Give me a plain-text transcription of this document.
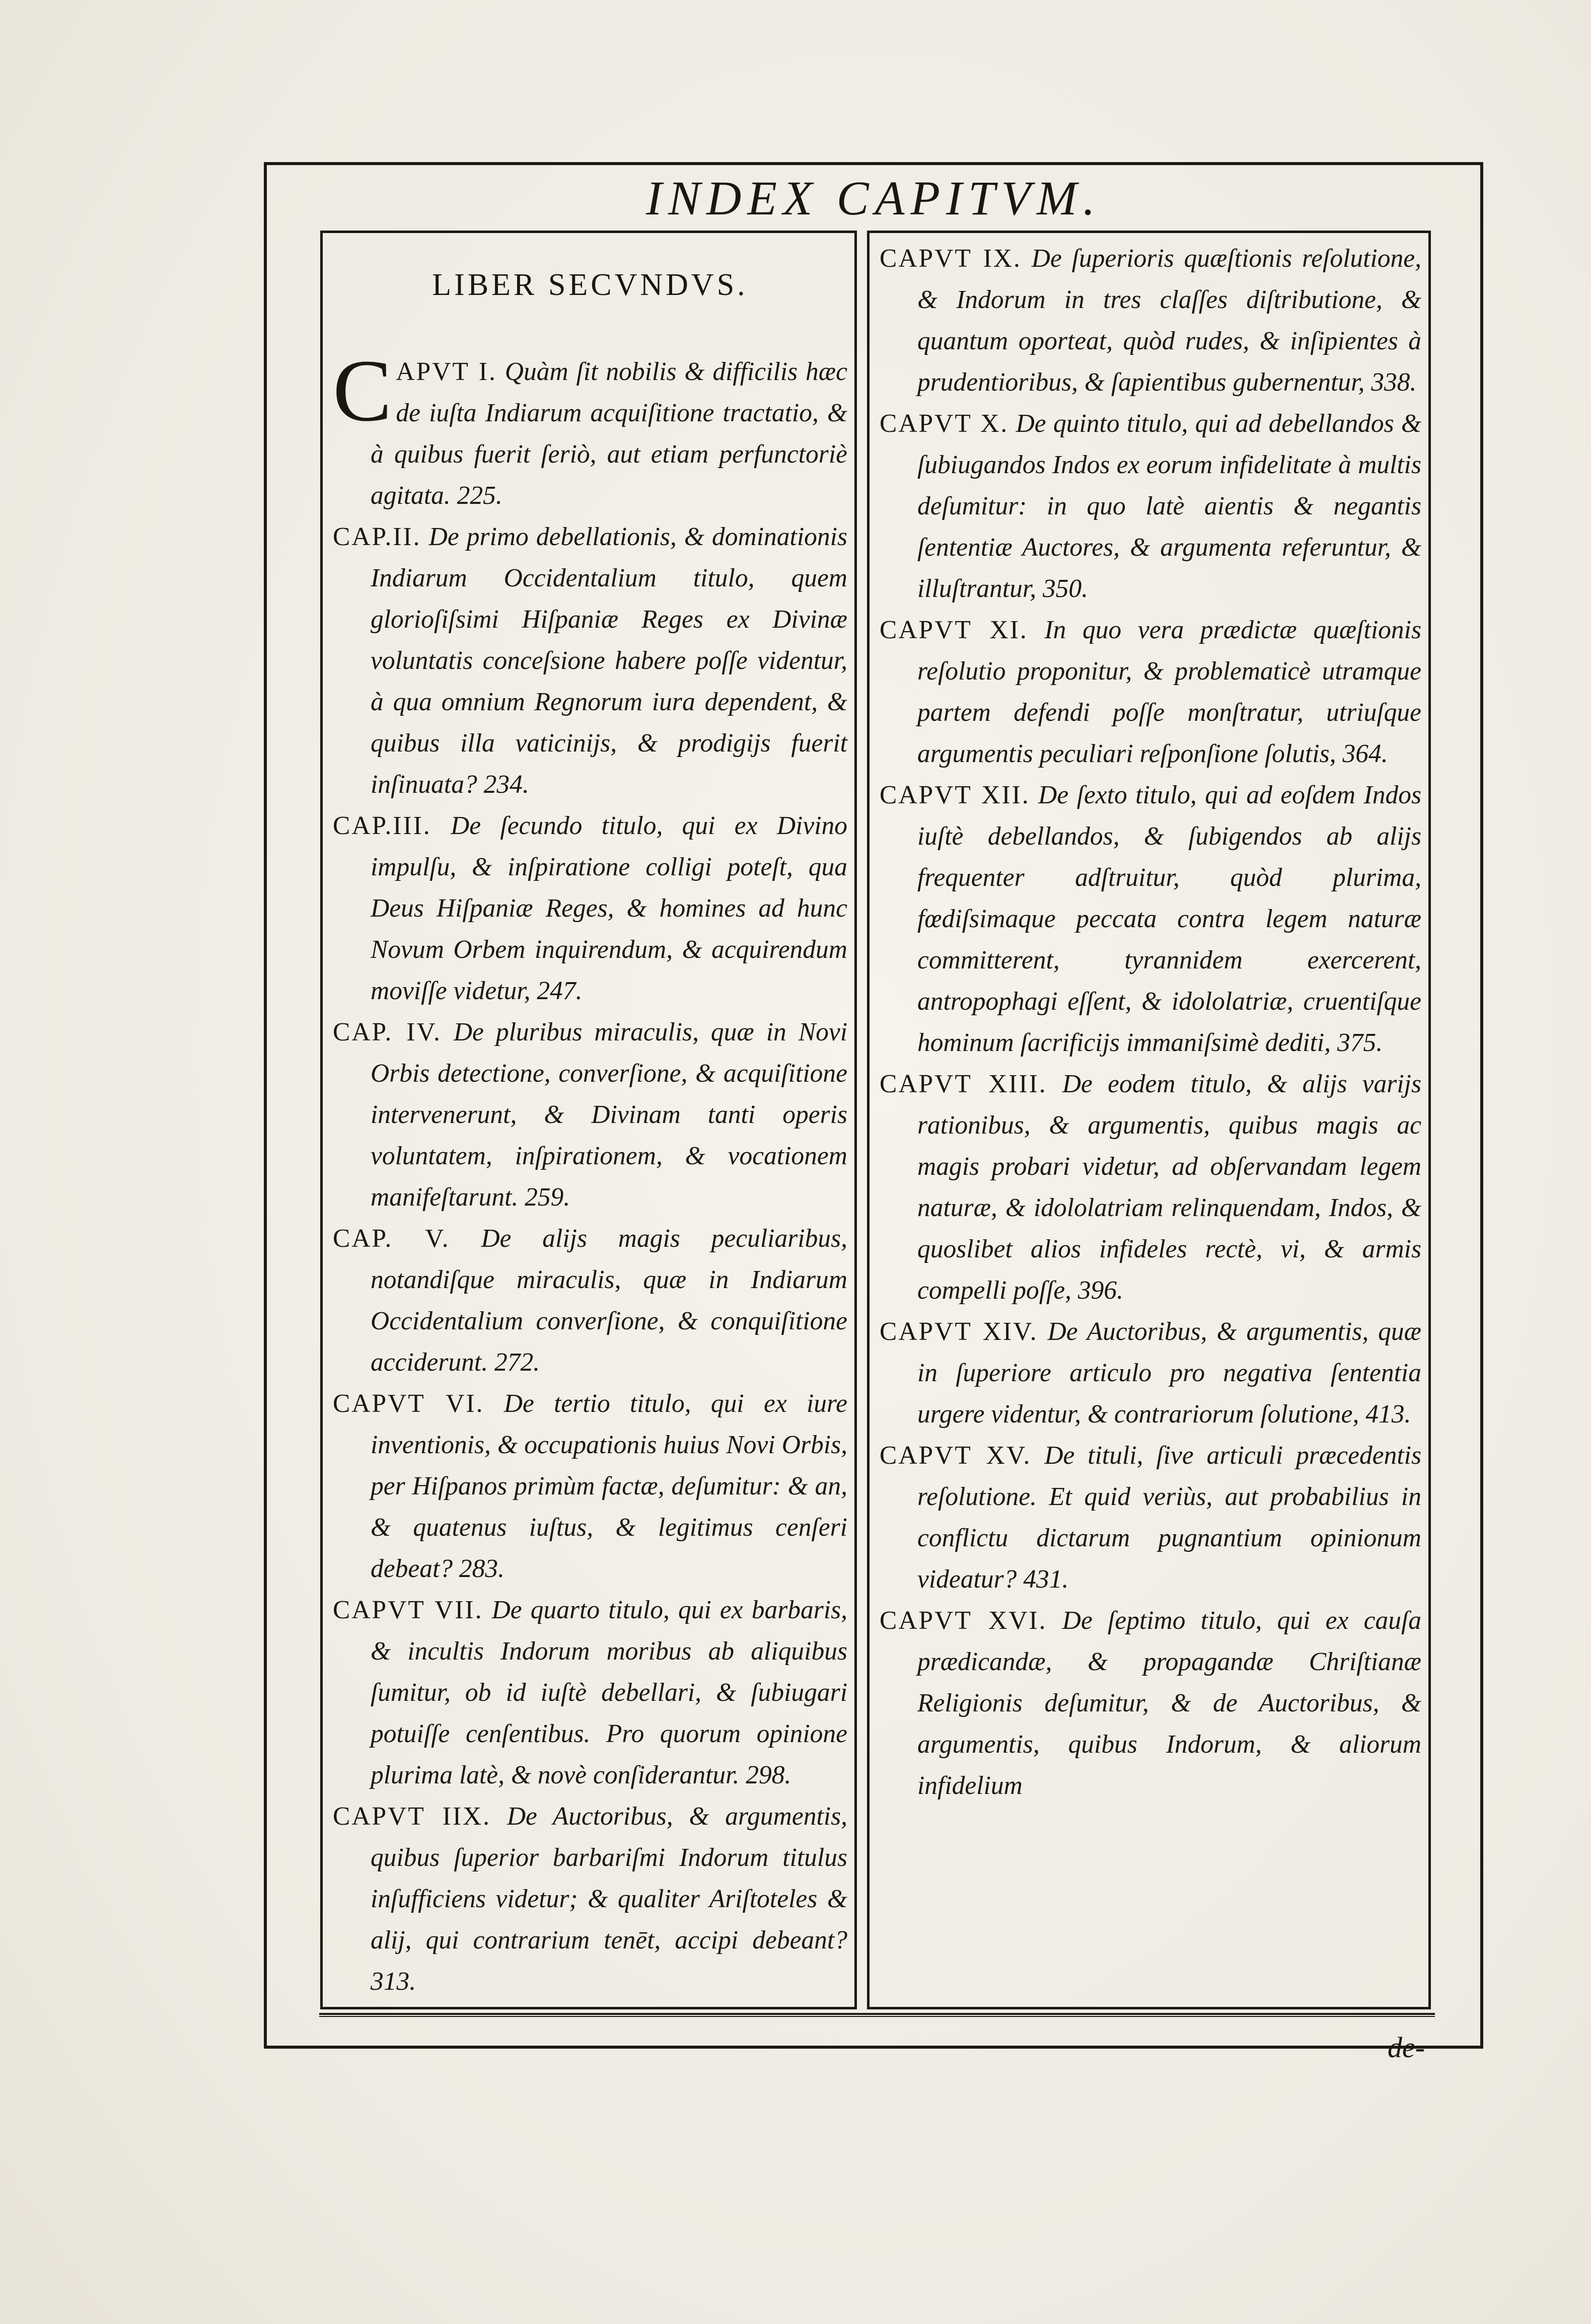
INDEX CAPITVM.
LIBER SECVNDVS.

C APVT I. Quàm ſit nobilis & difficilis hæc de iuſta Indiarum acquiſitione tractatio, & à quibus fuerit ſeriò, aut etiam perfunctoriè agitata. 225.

CAP.II. De primo debellationis, & dominationis Indiarum Occidentalium titulo, quem glorioſiſsimi Hiſpaniæ Reges ex Divinæ voluntatis conceſsione habere poſſe videntur, à qua omnium Regnorum iura dependent, & quibus illa vaticinijs, & prodigijs fuerit inſinuata? 234.

CAP.III. De ſecundo titulo, qui ex Divino impulſu, & inſpiratione colligi poteſt, qua Deus Hiſpaniæ Reges, & homines ad hunc Novum Orbem inquirendum, & acquirendum moviſſe videtur, 247.

CAP. IV. De pluribus miraculis, quæ in Novi Orbis detectione, converſione, & acquiſitione intervenerunt, & Divinam tanti operis voluntatem, inſpirationem, & vocationem manifeſtarunt. 259.

CAP. V. De alijs magis peculiaribus, notandiſque miraculis, quæ in Indiarum Occidentalium converſione, & conquiſitione acciderunt. 272.

CAPVT VI. De tertio titulo, qui ex iure inventionis, & occupationis huius Novi Orbis, per Hiſpanos primùm factæ, deſumitur: & an, & quatenus iuſtus, & legitimus cenſeri debeat? 283.

CAPVT VII. De quarto titulo, qui ex barbaris, & incultis Indorum moribus ab aliquibus ſumitur, ob id iuſtè debellari, & ſubiugari potuiſſe cenſentibus. Pro quorum opinione plurima latè, & novè conſiderantur. 298.

CAPVT IIX. De Auctoribus, & argumentis, quibus ſuperior barbariſmi Indorum titulus inſufficiens videtur; & qualiter Ariſtoteles & alij, qui contrarium tenēt, accipi debeant? 313.

CAPVT IX. De ſuperioris quæſtionis reſolutione, & Indorum in tres claſſes diſtributione, & quantum oporteat, quòd rudes, & inſipientes à prudentioribus, & ſapientibus gubernentur, 338.

CAPVT X. De quinto titulo, qui ad debellandos & ſubiugandos Indos ex eorum infidelitate à multis deſumitur: in quo latè aientis & negantis ſententiæ Auctores, & argumenta referuntur, & illuſtrantur, 350.

CAPVT XI. In quo vera prædictæ quæſtionis reſolutio proponitur, & problematicè utramque partem defendi poſſe monſtratur, utriuſque argumentis peculiari reſponſione ſolutis, 364.

CAPVT XII. De ſexto titulo, qui ad eoſdem Indos iuſtè debellandos, & ſubigendos ab alijs frequenter adſtruitur, quòd plurima, fœdiſsimaque peccata contra legem naturæ committerent, tyrannidem exercerent, antropophagi eſſent, & idololatriæ, cruentiſque hominum ſacrificijs immaniſsimè dediti, 375.

CAPVT XIII. De eodem titulo, & alijs varijs rationibus, & argumentis, quibus magis ac magis probari videtur, ad obſervandam legem naturæ, & idololatriam relinquendam, Indos, & quoslibet alios infideles rectè, vi, & armis compelli poſſe, 396.

CAPVT XIV. De Auctoribus, & argumentis, quæ in ſuperiore articulo pro negativa ſententia urgere videntur, & contrariorum ſolutione, 413.

CAPVT XV. De tituli, ſive articuli præcedentis reſolutione. Et quid veriùs, aut probabilius in conflictu dictarum pugnantium opinionum videatur? 431.

CAPVT XVI. De ſeptimo titulo, qui ex cauſa prædicandæ, & propagandæ Chriſtianæ Religionis deſumitur, & de Auctoribus, & argumentis, quibus Indorum, & aliorum infidelium

de-
